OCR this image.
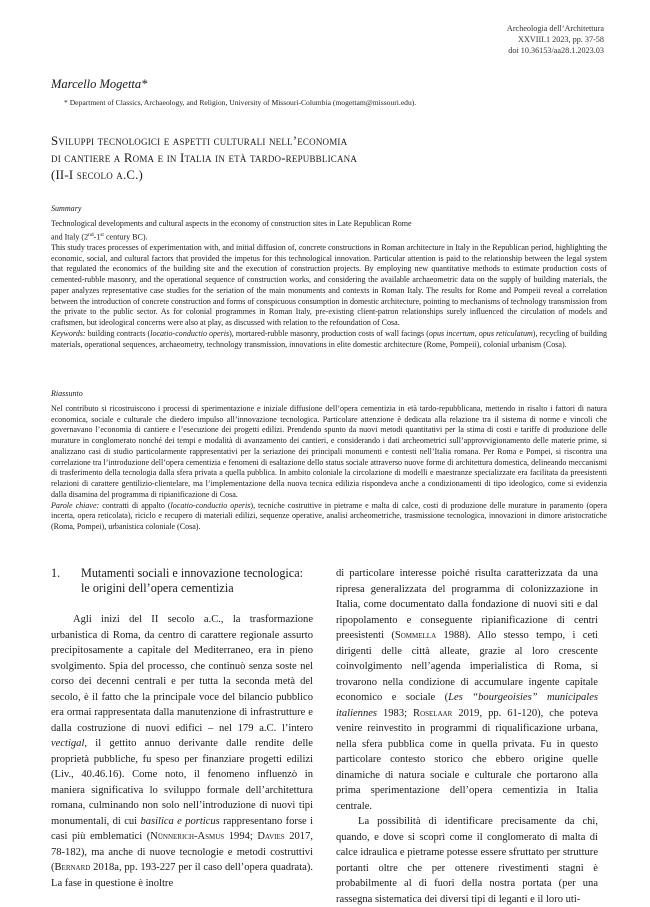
Archeologia dell’Architettura
XXVIII.1 2023, pp. 37-58
doi 10.36153/aa28.1.2023.03
Marcello Mogetta*
* Department of Classics, Archaeology, and Religion, University of Missouri-Columbia (mogettam@missouri.edu).
Sviluppi tecnologici e aspetti culturali nell’economia
di cantiere a Roma e in Italia in età tardo-repubblicana
(II-I secolo a.C.)
Summary

Technological developments and cultural aspects in the economy of construction sites in Late Republican Rome
and Italy (2nd-1st century BC).

This study traces processes of experimentation with, and initial diffusion of, concrete constructions in Roman architecture in Italy in the Republican period, highlighting the economic, social, and cultural factors that provided the impetus for this technological innovation. Particular attention is paid to the relationship between the legal system that regulated the economics of the building site and the execution of construction projects. By employing new quantitative methods to estimate production costs of cemented-rubble masonry, and the operational sequence of construction works, and considering the available archaeometric data on the supply of building materials, the paper analyzes representative case studies for the seriation of the main monuments and contexts in Roman Italy. The results for Rome and Pompeii reveal a correlation between the introduction of concrete construction and forms of conspicuous consumption in domestic architecture, pointing to mechanisms of technology transmission from the private to the public sector. As for colonial programmes in Roman Italy, pre-existing client-patron relationships surely influenced the circulation of models and craftsmen, but ideological concerns were also at play, as discussed with relation to the refoundation of Cosa.

Keywords: building contracts (locatio-conductio operis), mortared-rubble masonry, production costs of wall facings (opus incertum, opus reticulatum), recycling of building materials, operational sequences, archaeometry, technology transmission, innovations in elite domestic architecture (Rome, Pompeii), colonial urbanism (Cosa).

Riassunto

Nel contributo si ricostruiscono i processi di sperimentazione e iniziale diffusione dell’opera cementizia in età tardo-repubblicana, mettendo in risalto i fattori di natura economica, sociale e culturale che diedero impulso all’innovazione tecnologica. Particolare attenzione è dedicata alla relazione tra il sistema di norme e vincoli che governavano l’economia di cantiere e l’esecuzione dei progetti edilizi. Prendendo spunto da nuovi metodi quantitativi per la stima di costi e tariffe di produzione delle murature in conglomerato nonché dei tempi e modalità di avanzamento dei cantieri, e considerando i dati archeometrici sull’approvvigionamento delle materie prime, si analizzano casi di studio particolarmente rappresentativi per la seriazione dei principali monumenti e contesti nell’Italia romana. Per Roma e Pompei, si riscontra una correlazione tra l’introduzione dell’opera cementizia e fenomeni di esaltazione dello status sociale attraverso nuove forme di architettura domestica, delineando meccanismi di trasferimento della tecnologia dalla sfera privata a quella pubblica. In ambito coloniale la circolazione di modelli e maestranze specializzate era facilitata da preesistenti relazioni di carattere gentilizio-clientelare, ma l’implementazione della nuova tecnica edilizia rispondeva anche a condizionamenti di tipo ideologico, come si evidenzia dalla disamina del programma di ripianificazione di Cosa.

Parole chiave: contratti di appalto (locatio-conductio operis), tecniche costruttive in pietrame e malta di calce, costi di produzione delle murature in paramento (opera incerta, opera reticolata), riciclo e recupero di materiali edilizi, sequenze operative, analisi archeometriche, trasmissione tecnologica, innovazioni in dimore aristocratiche (Roma, Pompei), urbanistica coloniale (Cosa).

1.	Mutamenti sociali e innovazione tecnologica:
le origini dell’opera cementizia

Agli inizi del II secolo a.C., la trasformazione urbanistica di Roma, da centro di carattere regionale assurto precipitosamente a capitale del Mediterraneo, era in pieno svolgimento. Spia del processo, che continuò senza soste nel corso dei decenni centrali e per tutta la seconda metà del secolo, è il fatto che la principale voce del bilancio pubblico era ormai rappresentata dalla manutenzione di infrastrutture e dalla costruzione di nuovi edifici – nel 179 a.C. l’intero vectigal, il gettito annuo derivante dalle rendite delle proprietà pubbliche, fu speso per finanziare progetti edilizi (Liv., 40.46.16). Come noto, il fenomeno influenzò in maniera significativa lo sviluppo formale dell’architettura romana, culminando non solo nell’introduzione di nuovi tipi monumentali, di cui basilica e porticus rappresentano forse i casi più emblematici (Nünnerich-Asmus 1994; Davies 2017, 78-182), ma anche di nuove tecnologie e metodi costruttivi (Bernard 2018a, pp. 193-227 per il caso dell’opera quadrata). La fase in questione è inoltre

di particolare interesse poiché risulta caratterizzata da una ripresa generalizzata del programma di colonizzazione in Italia, come documentato dalla fondazione di nuovi siti e dal ripopolamento e conseguente ripianificazione di centri preesistenti (Sommella 1988). Allo stesso tempo, i ceti dirigenti delle città alleate, grazie al loro crescente coinvolgimento nell’agenda imperialistica di Roma, si trovarono nella condizione di accumulare ingente capitale economico e sociale (Les “bourgeoisies” municipales italiennes 1983; Roselaar 2019, pp. 61-120), che poteva venire reinvestito in programmi di riqualificazione urbana, nella sfera pubblica come in quella privata. Fu in questo particolare contesto storico che ebbero origine quelle dinamiche di natura sociale e culturale che portarono alla prima sperimentazione dell’opera cementizia in Italia centrale.

La possibilità di identificare precisamente da chi, quando, e dove si scoprì come il conglomerato di malta di calce idraulica e pietrame potesse essere sfruttato per strutture portanti oltre che per ottenere rivestimenti stagni è probabilmente al di fuori della nostra portata (per una rassegna sistematica dei diversi tipi di leganti e il loro uti-
